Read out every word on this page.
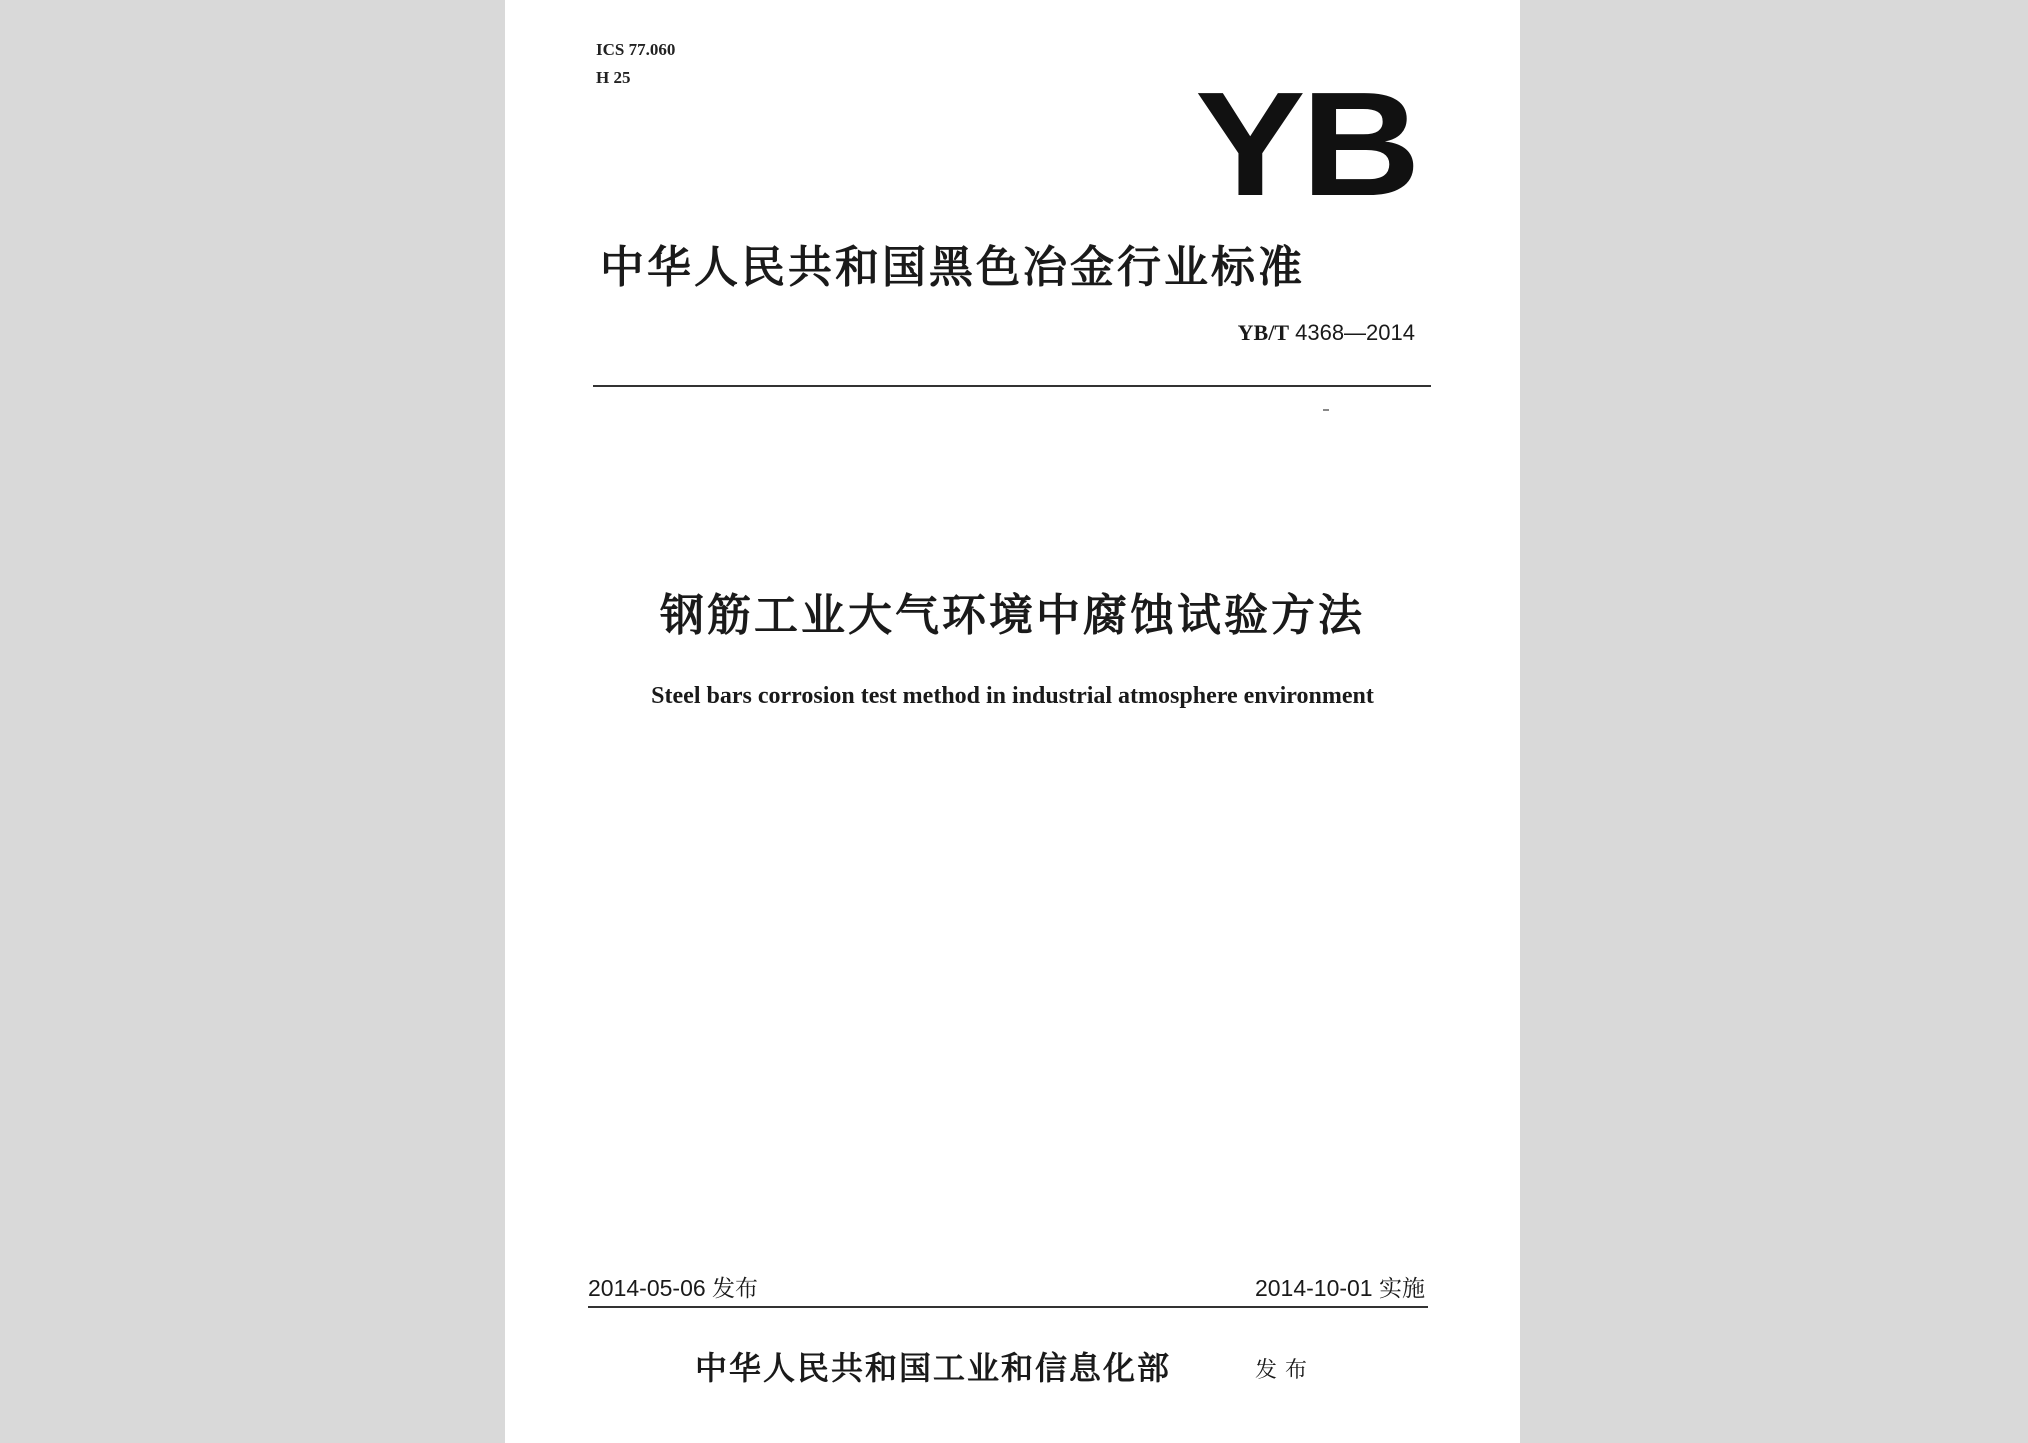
ICS 77.060
H 25	YB
中华人民共和国黑色冶金行业标准
YB/T 4368—2014
钢筋工业大气环境中腐蚀试验方法
Steel bars corrosion test method in industrial atmosphere environment
2014-05-06 发布	2014-10-01 实施
中华人民共和国工业和信息化部	发布
